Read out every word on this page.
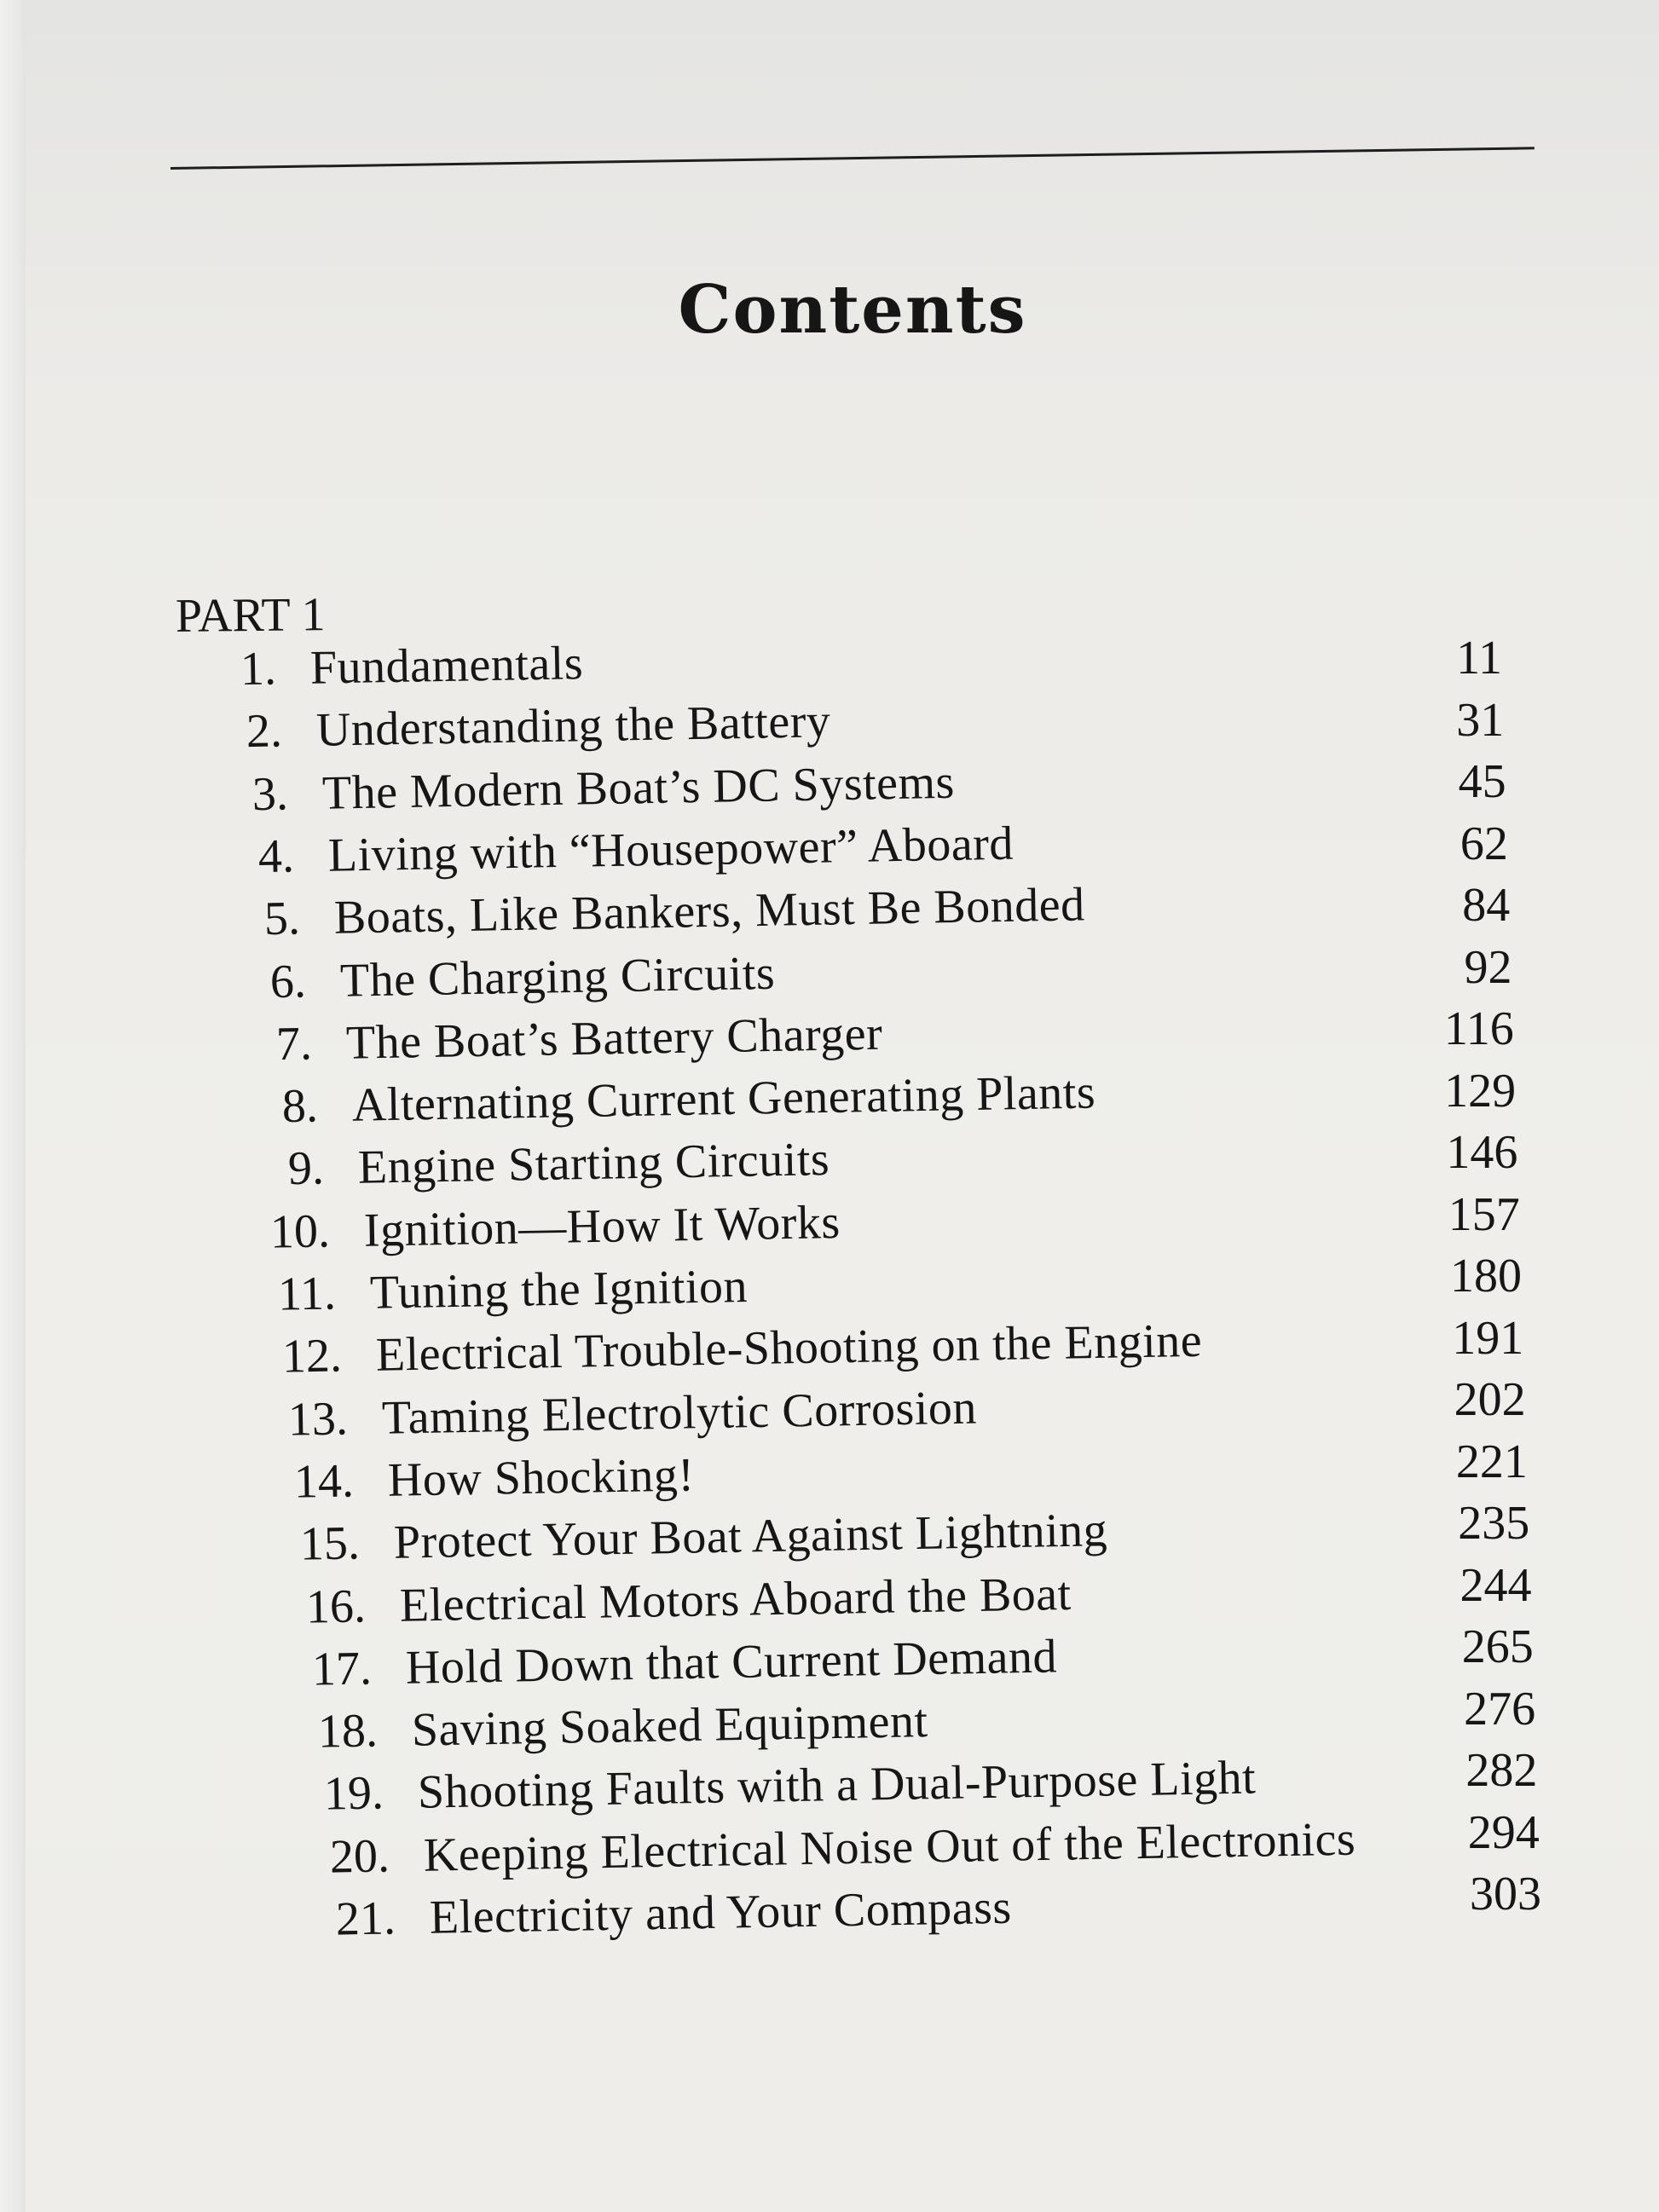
Contents
PART 1
1. Fundamentals
2. Understanding the Battery
3. The Modern Boat’s DC Systems
4. Living with “Housepower” Aboard
5. Boats, Like Bankers, Must Be Bonded
6. The Charging Circuits
7. The Boat’s Battery Charger
8. Alternating Current Generating Plants
9. Engine Starting Circuits
10. Ignition—How It Works
11. Tuning the Ignition
12. Electrical Trouble-Shooting on the Engine
13. Taming Electrolytic Corrosion
14. How Shocking!
15. Protect Your Boat Against Lightning
16. Electrical Motors Aboard the Boat
17. Hold Down that Current Demand
18. Saving Soaked Equipment
19. Shooting Faults with a Dual-Purpose Light
20. Keeping Electrical Noise Out of the Electronics
21. Electricity and Your Compass
11
31
45
62
84
92
116
129
146
157
180
191
202
221
235
244
265
276
282
294
303
